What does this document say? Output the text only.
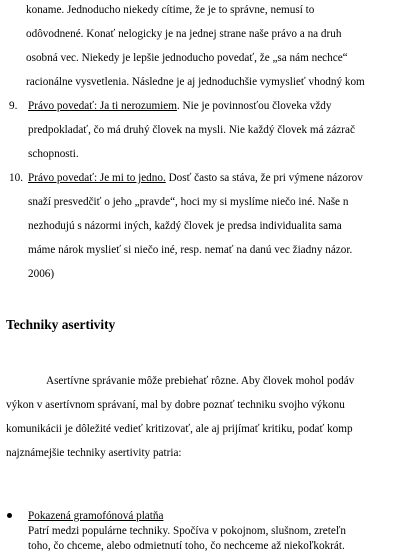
koname. Jednoducho niekedy cítime, že je to správne, nemusí to
odôvodnené. Konať nelogicky je na jednej strane naše právo a na druh
osobná vec. Niekedy je lepšie jednoducho povedať, že „sa nám nechce“
racionálne vysvetlenia. Následne je aj jednoduchšie vymyslieť vhodný kom
9. Právo povedať: Ja ti nerozumiem. Nie je povinnosťou človeka vždy
predpokladať, čo má druhý človek na mysli. Nie každý človek má zázrač
schopnosti.
10. Právo povedať: Je mi to jedno. Dosť často sa stáva, že pri výmene názorov
snaží presvedčiť o jeho „pravde“, hoci my si myslíme niečo iné. Naše n
nezhodujú s názormi iných, každý človek je predsa individualita sama
máme nárok myslieť si niečo iné, resp. nemať na danú vec žiadny názor.
2006)
Techniky asertivity
Asertívne správanie môže prebiehať rôzne. Aby človek mohol podáv
výkon v asertívnom správaní, mal by dobre poznať techniku svojho výkonu
komunikácii je dôležité vedieť kritizovať, ale aj prijímať kritiku, podať komp
najznámejšie techniky asertivity patria:
Pokazená gramofónová platňa
Patrí medzi populárne techniky. Spočíva v pokojnom, slušnom, zreteľn
toho, čo chceme, alebo odmietnutí toho, čo nechceme až niekoľkokrát.
